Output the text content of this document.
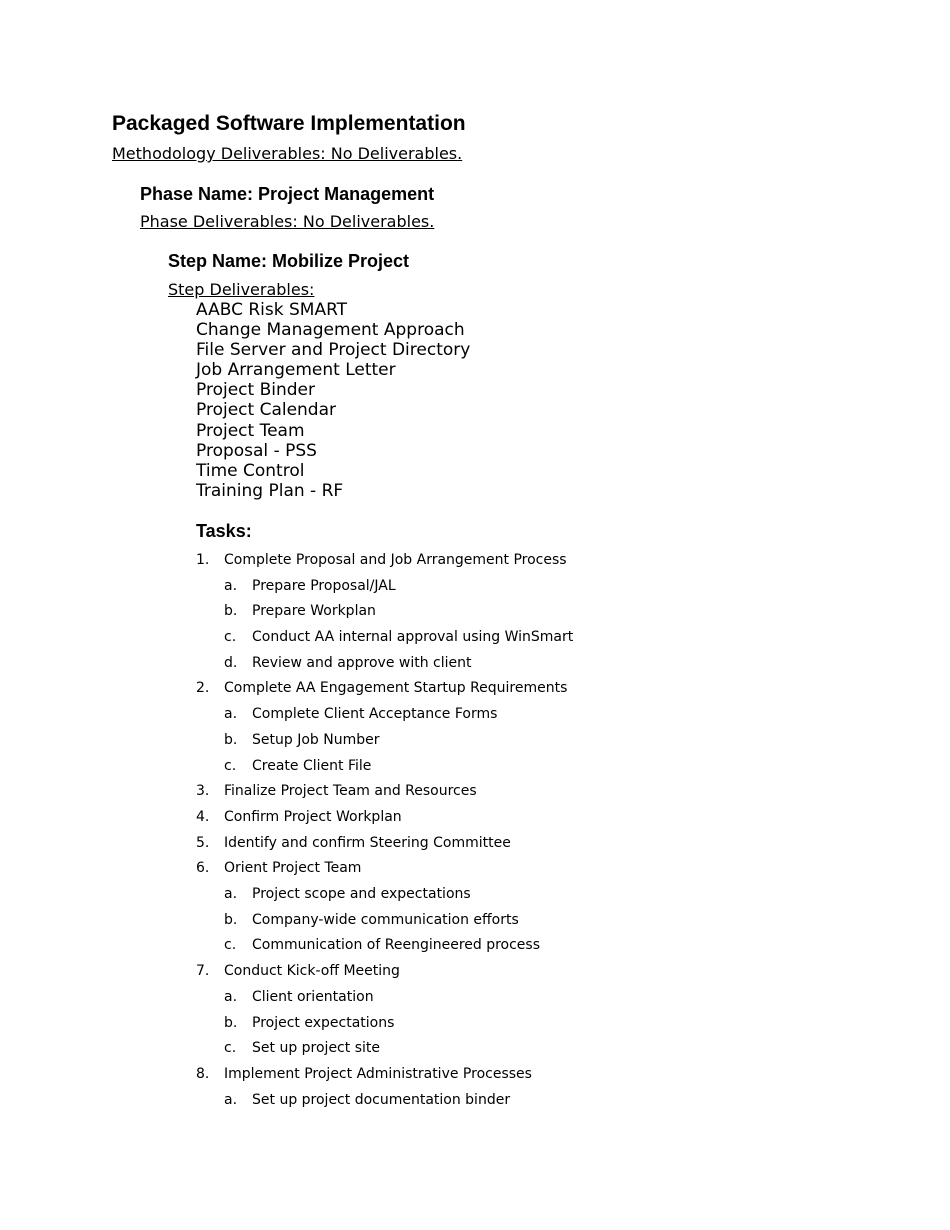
Packaged Software Implementation

Methodology Deliverables: No Deliverables.

Phase Name: Project Management

Phase Deliverables: No Deliverables.

Step Name: Mobilize Project

Step Deliverables:

AABC Risk SMART
Change Management Approach
File Server and Project Directory
Job Arrangement Letter
Project Binder
Project Calendar
Project Team
Proposal - PSS
Time Control
Training Plan - RF
Tasks:
1.	Complete Proposal and Job Arrangement Process
a.	Prepare Proposal/JAL
b.	Prepare Workplan
c.	Conduct AA internal approval using WinSmart
d.	Review and approve with client
2.	Complete AA Engagement Startup Requirements
a.	Complete Client Acceptance Forms
b.	Setup Job Number
c.	Create Client File
3.	Finalize Project Team and Resources
4.	Confirm Project Workplan
5.	Identify and confirm Steering Committee
6.	Orient Project Team
a.	Project scope and expectations
b.	Company-wide communication efforts
c.	Communication of Reengineered process
7.	Conduct Kick-off Meeting
a.	Client orientation
b.	Project expectations
c.	Set up project site
8.	Implement Project Administrative Processes
a.	Set up project documentation binder
